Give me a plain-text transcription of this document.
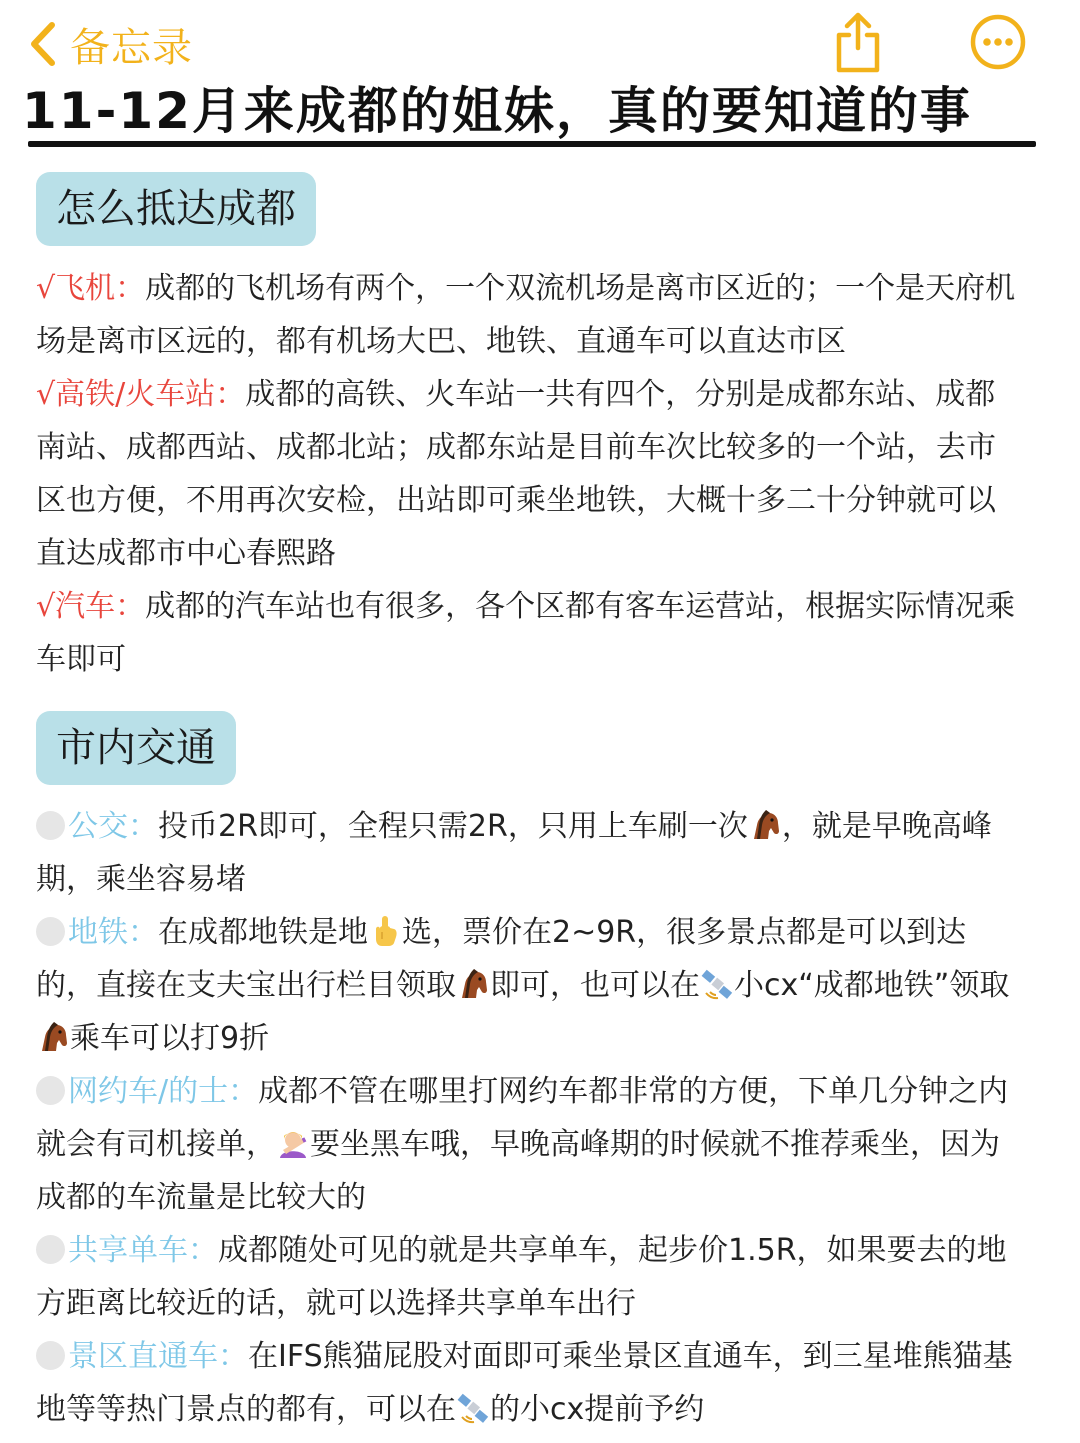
备忘录
11-12月来成都的姐妹，真的要知道的事
怎么抵达成都

√飞机：成都的飞机场有两个，一个双流机场是离市区近的；一个是天府机场是离市区远的，都有机场大巴、地铁、直通车可以直达市区

√高铁/火车站：成都的高铁、火车站一共有四个，分别是成都东站、成都南站、成都西站、成都北站；成都东站是目前车次比较多的一个站，去市区也方便，不用再次安检，出站即可乘坐地铁，大概十多二十分钟就可以直达成都市中心春熙路

√汽车：成都的汽车站也有很多，各个区都有客车运营站，根据实际情况乘车即可

市内交通

公交：投币2R即可，全程只需2R，只用上车刷一次 ，就是早晚高峰期，乘坐容易堵

地铁：在成都地铁是地 选，票价在2~9R，很多景点都是可以到达的，直接在支夫宝出行栏目领取 即可，也可以在 小cx“成都地铁”领取乘车可以打9折

网约车/的士：成都不管在哪里打网约车都非常的方便，下单几分钟之内就会有司机接单， 要坐黑车哦，早晚高峰期的时候就不推荐乘坐，因为成都的车流量是比较大的

共享单车：成都随处可见的就是共享单车，起步价1.5R，如果要去的地方距离比较近的话，就可以选择共享单车出行

景区直通车：在IFS熊猫屁股对面即可乘坐景区直通车，到三星堆熊猫基地等等热门景点的都有，可以在 的小cx提前予约
